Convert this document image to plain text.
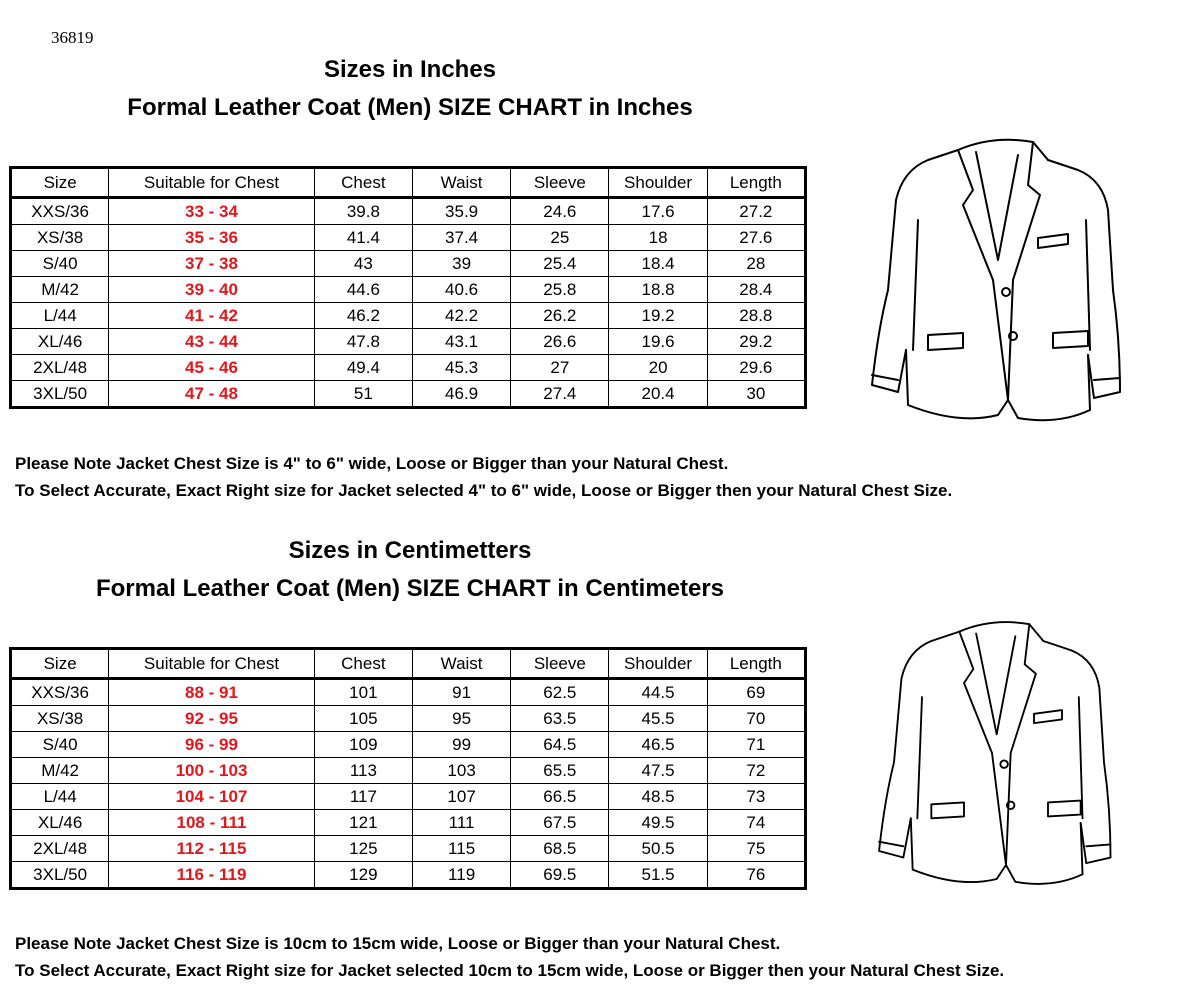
36819
Sizes in Inches
Formal Leather Coat (Men) SIZE CHART in Inches
Size	Suitable for Chest	Chest	Waist	Sleeve	Shoulder	Length
XXS/36	33 - 34	39.8	35.9	24.6	17.6	27.2
XS/38	35 - 36	41.4	37.4	25	18	27.6
S/40	37 - 38	43	39	25.4	18.4	28
M/42	39 - 40	44.6	40.6	25.8	18.8	28.4
L/44	41 - 42	46.2	42.2	26.2	19.2	28.8
XL/46	43 - 44	47.8	43.1	26.6	19.6	29.2
2XL/48	45 - 46	49.4	45.3	27	20	29.6
3XL/50	47 - 48	51	46.9	27.4	20.4	30
Please Note Jacket Chest Size is 4" to 6" wide, Loose or Bigger than your Natural Chest.
To Select Accurate, Exact Right size for Jacket selected 4" to 6" wide, Loose or Bigger then your Natural Chest Size.
Sizes in Centimetters
Formal Leather Coat (Men) SIZE CHART in Centimeters
Size	Suitable for Chest	Chest	Waist	Sleeve	Shoulder	Length
XXS/36	88 - 91	101	91	62.5	44.5	69
XS/38	92 - 95	105	95	63.5	45.5	70
S/40	96 - 99	109	99	64.5	46.5	71
M/42	100 - 103	113	103	65.5	47.5	72
L/44	104 - 107	117	107	66.5	48.5	73
XL/46	108 - 111	121	111	67.5	49.5	74
2XL/48	112 - 115	125	115	68.5	50.5	75
3XL/50	116 - 119	129	119	69.5	51.5	76
Please Note Jacket Chest Size is 10cm to 15cm wide, Loose or Bigger than your Natural Chest.
To Select Accurate, Exact Right size for Jacket selected 10cm to 15cm wide, Loose or Bigger then your Natural Chest Size.
